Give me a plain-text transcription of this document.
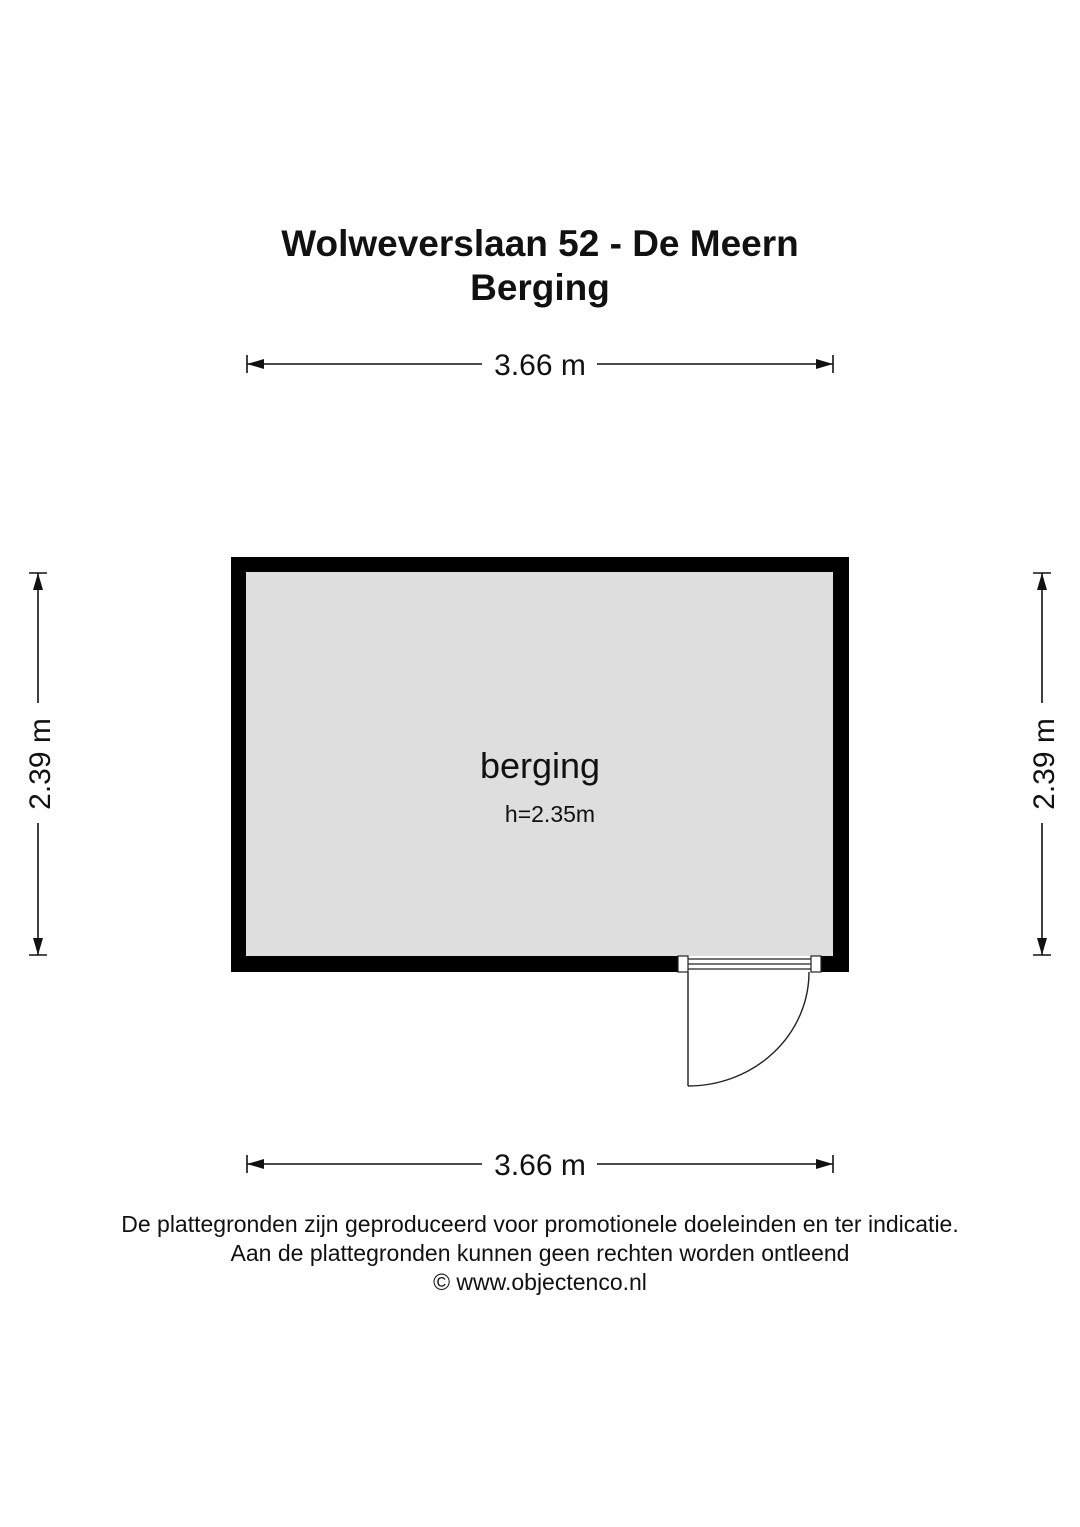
Wolweverslaan 52 - De Meern
Berging
3.66 m
2.39 m	2.39 m
berging
h=2.35m
3.66 m
De plattegronden zijn geproduceerd voor promotionele doeleinden en ter indicatie.
Aan de plattegronden kunnen geen rechten worden ontleend
© www.objectenco.nl
